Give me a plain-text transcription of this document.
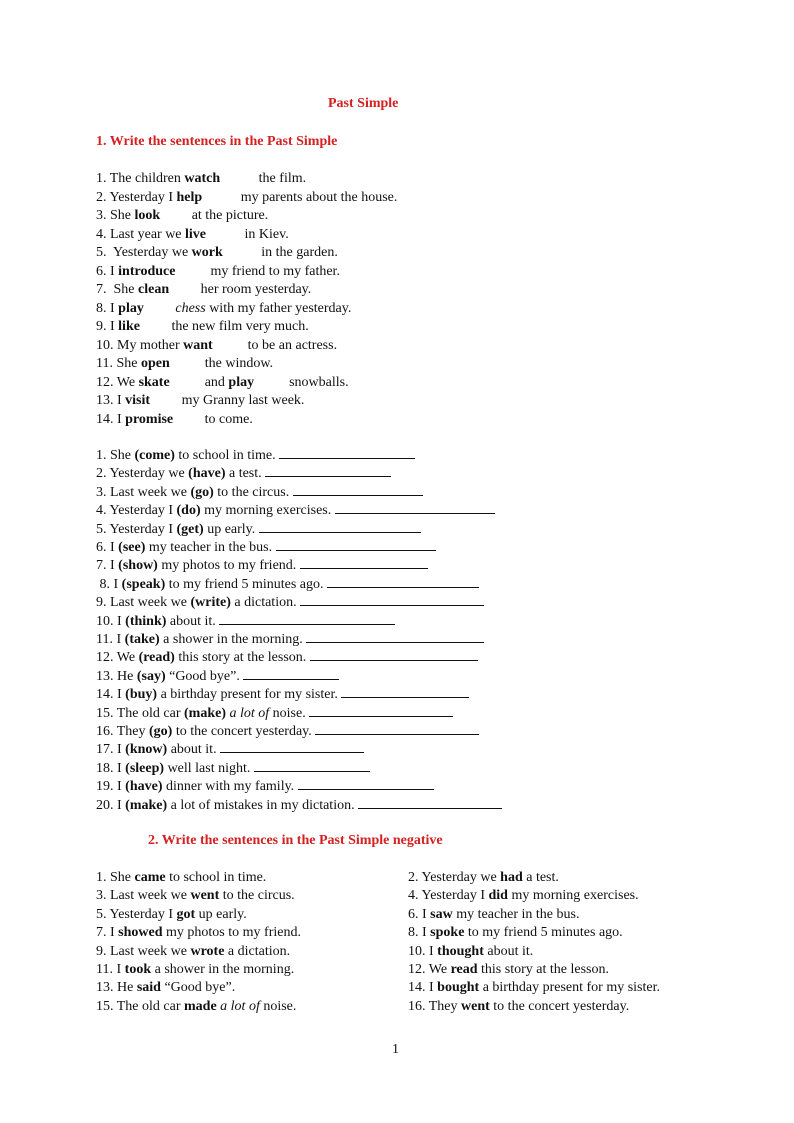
Past Simple
1. Write the sentences in the Past Simple
1. The children watch           the film.
2. Yesterday I help           my parents about the house.
3. She look         at the picture.
4. Last year we live           in Kiev.
5.  Yesterday we work           in the garden.
6. I introduce          my friend to my father.
7.  She clean         her room yesterday.
8. I play chess with my father yesterday.
9. I like         the new film very much.
10. My mother want          to be an actress.
11. She open          the window.
12. We skate          and play          snowballs.
13. I visit         my Granny last week.
14. I promise         to come.
1. She (come) to school in time.
2. Yesterday we (have) a test.
3. Last week we (go) to the circus.
4. Yesterday I (do) my morning exercises.
5. Yesterday I (get) up early.
6. I (see) my teacher in the bus.
7. I (show) my photos to my friend.
8. I (speak) to my friend 5 minutes ago.
9. Last week we (write) a dictation.
10. I (think) about it.
11. I (take) a shower in the morning.
12. We (read) this story at the lesson.
13. He (say) “Good bye”.
14. I (buy) a birthday present for my sister.
15. The old car (make) a lot of noise.
16. They (go) to the concert yesterday.
17. I (know) about it.
18. I (sleep) well last night.
19. I (have) dinner with my family.
20. I (make) a lot of mistakes in my dictation.
2. Write the sentences in the Past Simple negative
1. She came to school in time.
3. Last week we went to the circus.
5. Yesterday I got up early.
7. I showed my photos to my friend.
9. Last week we wrote a dictation.
11. I took a shower in the morning.
13. He said “Good bye”.
15. The old car made a lot of noise.
2. Yesterday we had a test.
4. Yesterday I did my morning exercises.
6. I saw my teacher in the bus.
8. I spoke to my friend 5 minutes ago.
10. I thought about it.
12. We read this story at the lesson.
14. I bought a birthday present for my sister.
16. They went to the concert yesterday.
1
